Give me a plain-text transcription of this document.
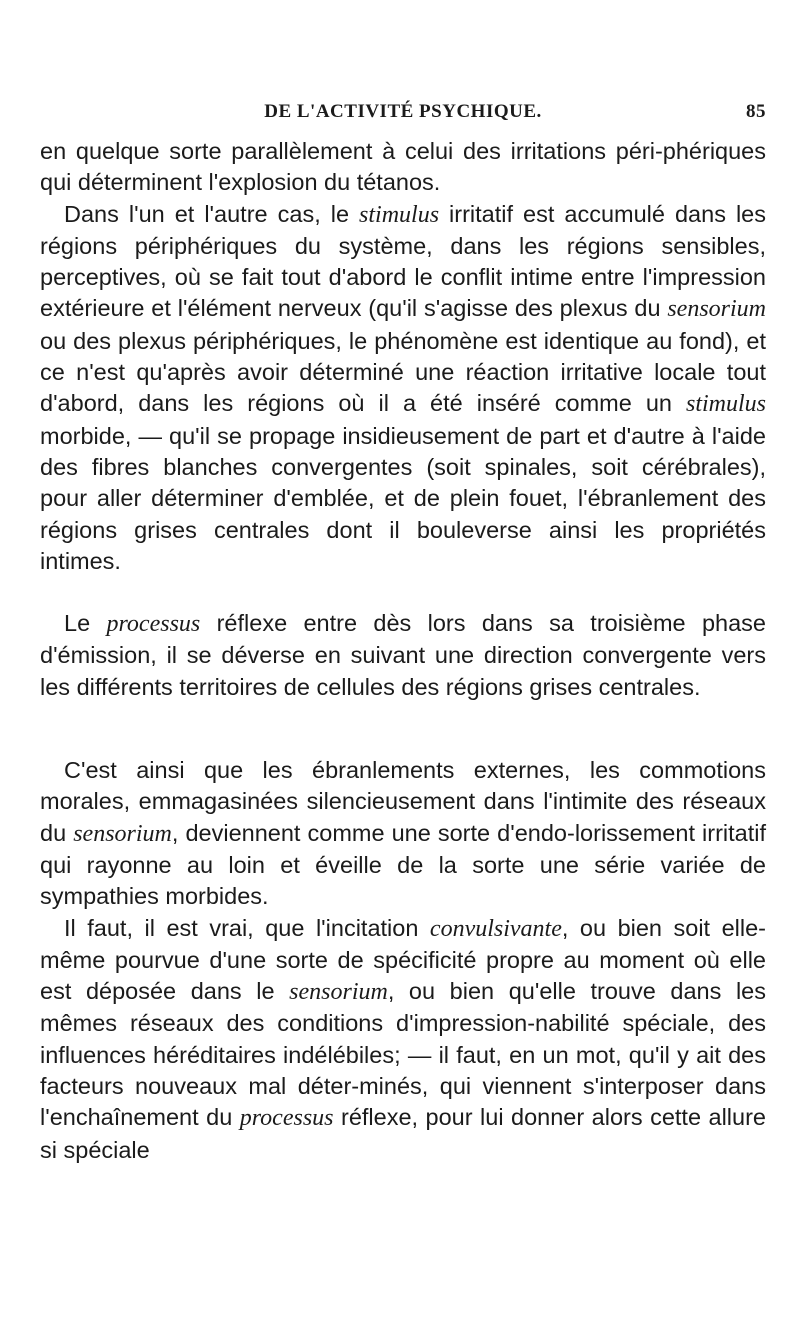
DE L'ACTIVITÉ PSYCHIQUE.	85

en quelque sorte parallèlement à celui des irritations péri-phériques qui déterminent l'explosion du tétanos.

Dans l'un et l'autre cas, le stimulus irritatif est accumulé dans les régions périphériques du système, dans les régions sensibles, perceptives, où se fait tout d'abord le conflit intime entre l'impression extérieure et l'élément nerveux (qu'il s'agisse des plexus du sensorium ou des plexus périphériques, le phénomène est identique au fond), et ce n'est qu'après avoir déterminé une réaction irritative locale tout d'abord, dans les régions où il a été inséré comme un stimulus morbide, — qu'il se propage insidieusement de part et d'autre à l'aide des fibres blanches convergentes (soit spinales, soit cérébrales), pour aller déterminer d'emblée, et de plein fouet, l'ébranlement des régions grises centrales dont il bouleverse ainsi les propriétés intimes.

Le processus réflexe entre dès lors dans sa troisième phase d'émission, il se déverse en suivant une direction convergente vers les différents territoires de cellules des régions grises centrales.

C'est ainsi que les ébranlements externes, les commotions morales, emmagasinées silencieusement dans l'intimite des réseaux du sensorium, deviennent comme une sorte d'endo-lorissement irritatif qui rayonne au loin et éveille de la sorte une série variée de sympathies morbides.

Il faut, il est vrai, que l'incitation convulsivante, ou bien soit elle-même pourvue d'une sorte de spécificité propre au moment où elle est déposée dans le sensorium, ou bien qu'elle trouve dans les mêmes réseaux des conditions d'impression-nabilité spéciale, des influences héréditaires indélébiles; — il faut, en un mot, qu'il y ait des facteurs nouveaux mal déter-minés, qui viennent s'interposer dans l'enchaînement du processus réflexe, pour lui donner alors cette allure si spéciale
